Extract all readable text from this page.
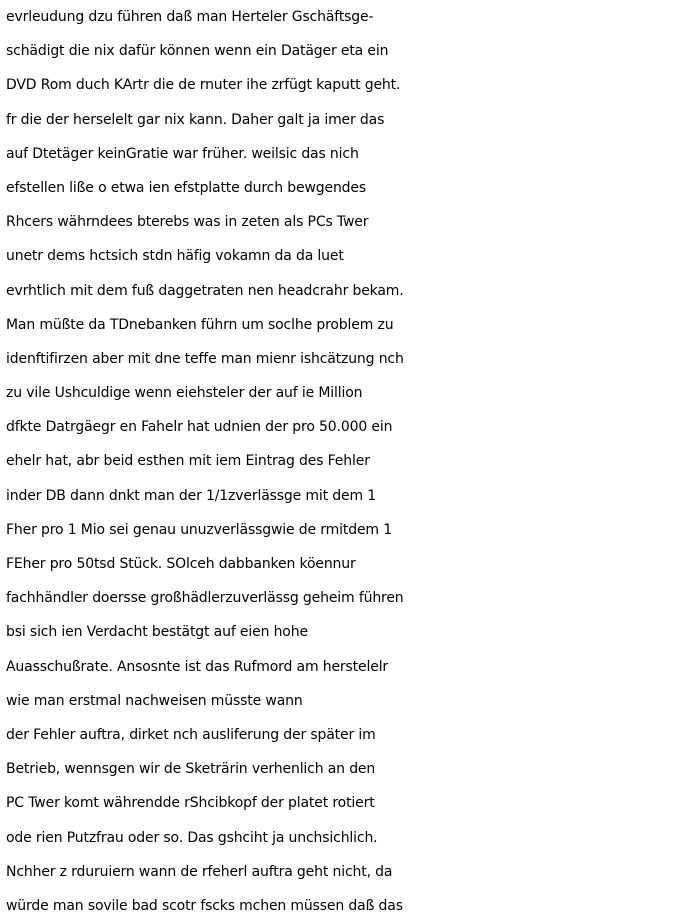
evrleudung dzu führen daß man Herteler Gschäftsge-
schädigt die nix dafür können wenn ein Datäger eta ein
DVD Rom duch KArtr die de rnuter ihe zrfügt kaputt geht.
fr die der herselelt gar nix kann. Daher galt ja imer das
auf Dtetäger keinGratie war früher. weilsic das nich
efstellen liße o etwa ien efstplatte durch bewgendes
Rhcers währndees bterebs was in zeten als PCs Twer
unetr dems hctsich stdn häfig vokamn da da luet
evrhtlich mit dem fuß daggetraten nen headcrahr bekam.
Man müßte da TDnebanken führn um soclhe problem zu
idenftifirzen aber mit dne teffe man mienr ishcätzung nch
zu vile Ushculdige wenn eiehsteler der auf ie Million
dfkte Datrgäegr en Fahelr hat udnien der pro 50.000 ein
ehelr hat, abr beid esthen mit iem Eintrag des Fehler
inder DB dann dnkt man der 1/1zverlässge mit dem 1
Fher pro 1 Mio sei genau unuzverlässgwie de rmitdem 1
FEher pro 50tsd Stück. SOlceh dabbanken köennur
fachhändler doersse großhädlerzuverlässg geheim führen
bsi sich ien Verdacht bestätgt auf eien hohe
Auasschußrate. Ansosnte ist das Rufmord am herstelelr
wie man erstmal nachweisen müsste wann
der Fehler auftra, dirket nch ausliferung der später im
Betrieb, wennsgen wir de Sketrärin verhenlich an den
PC Twer komt währendde rShcibkopf der platet rotiert
ode rien Putzfrau oder so. Das gshciht ja unchsichlich.
Nchher z rduruiern wann de rfeherl auftra geht nicht, da
würde man sovile bad scotr fscks mchen müssen daß das
